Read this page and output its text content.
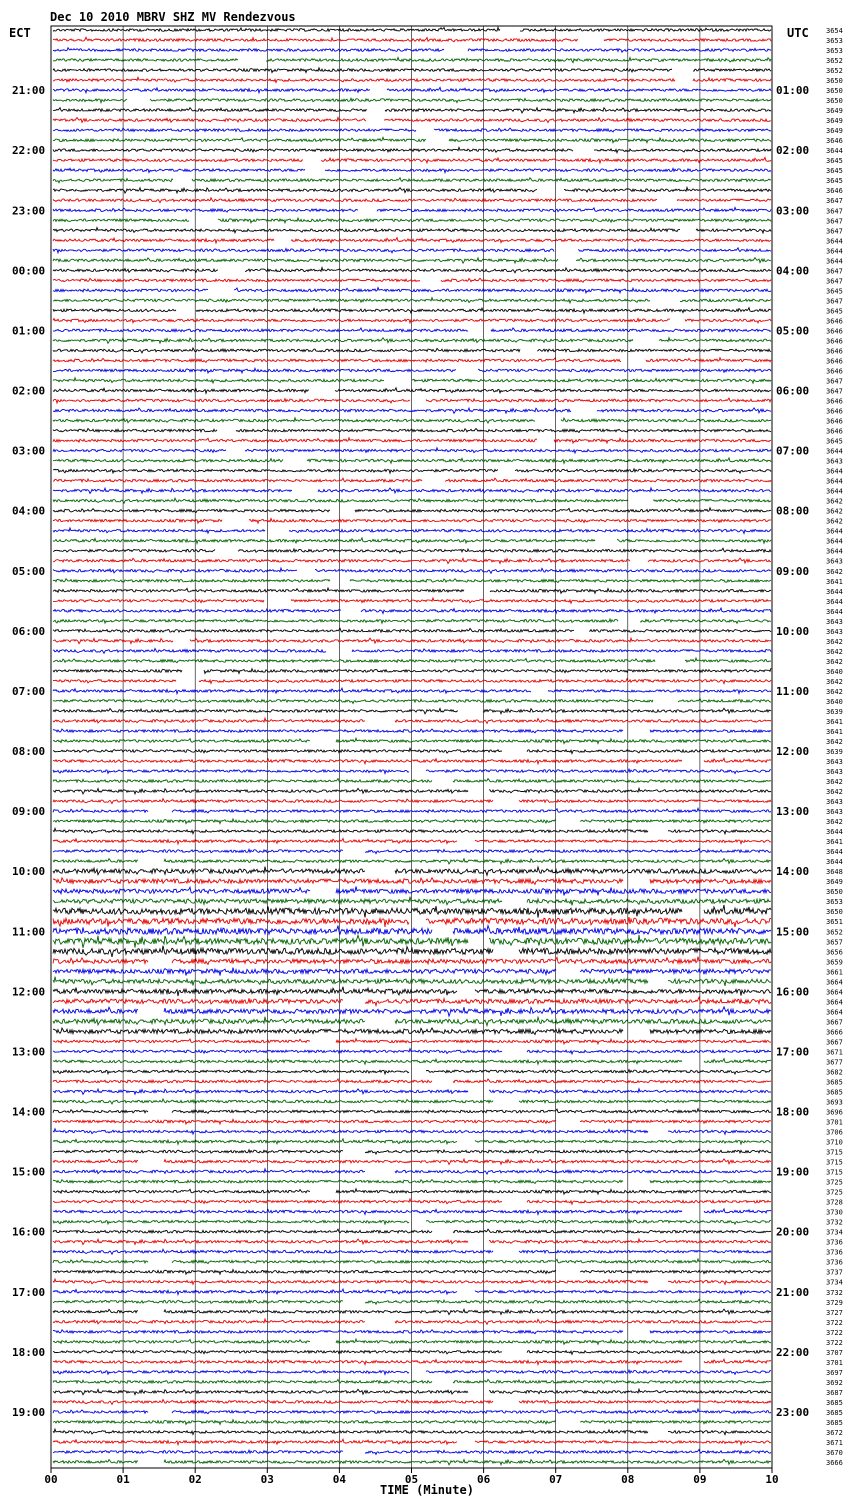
Dec 10 2010 MBRV SHZ MV Rendezvous
ECT	UTC
00	01	02	03	04	05	06	07	08	09	10
21:00
22:00
23:00
00:00
01:00
02:00
03:00
04:00
05:00
06:00
07:00
08:00
09:00
10:00
11:00
12:00
13:00
14:00
15:00
16:00
17:00
18:00
19:00
01:00
02:00
03:00
04:00
05:00
06:00
07:00
08:00
09:00
10:00
11:00
12:00
13:00
14:00
15:00
16:00
17:00
18:00
19:00
20:00
21:00
22:00
23:00
3654
3653
3653
3652
3652
3650
3650
3650
3649
3649
3649
3646
3644
3645
3645
3645
3646
3647
3647
3647
3647
3644
3644
3644
3647
3647
3645
3647
3645
3646
3646
3646
3646
3646
3646
3647
3647
3646
3646
3646
3646
3645
3644
3643
3644
3644
3644
3642
3642
3642
3644
3644
3644
3643
3642
3641
3644
3644
3644
3643
3643
3642
3642
3642
3640
3642
3642
3640
3639
3641
3641
3642
3639
3643
3643
3642
3642
3643
3643
3642
3644
3641
3644
3644
3648
3649
3650
3653
3650
3651
3652
3657
3656
3659
3661
3664
3664
3664
3664
3667
3666
3667
3671
3677
3682
3685
3685
3693
3696
3701
3706
3710
3715
3715
3715
3725
3725
3728
3730
3732
3734
3736
3736
3736
3737
3734
3732
3729
3727
3722
3722
3722
3707
3701
3697
3692
3687
3685
3685
3685
3672
3671
3670
3666
TIME (Minute)
